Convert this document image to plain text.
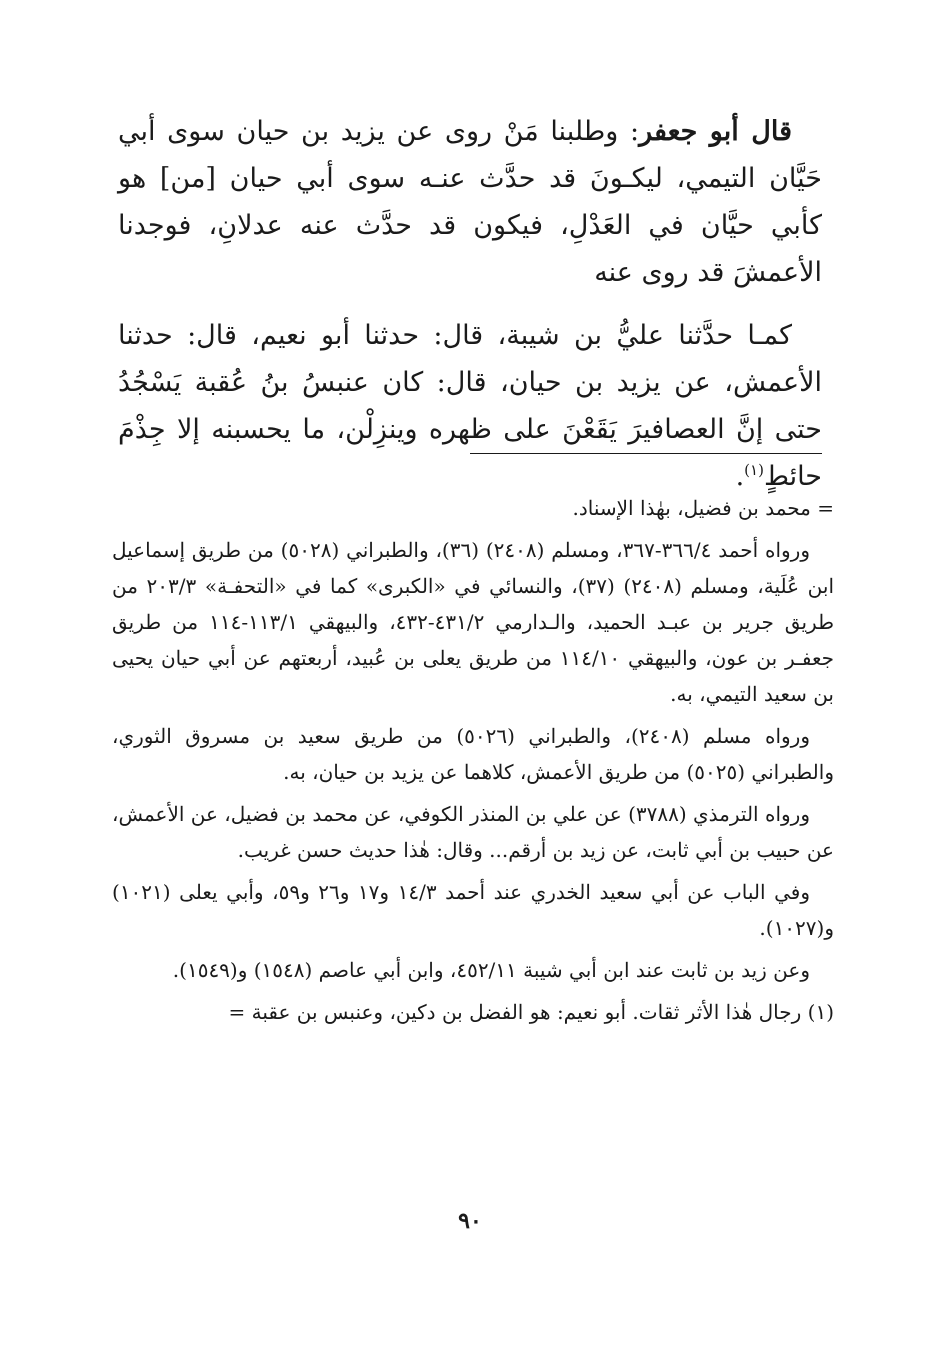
قال أبو جعفر: وطلبنا مَنْ روى عن يزيد بن حيان سوى أبي حَيَّان التيمي، ليكـونَ قد حدَّث عنـه سوى أبي حيان [من] هو كأبي حيَّان في العَدْلِ، فيكون قد حدَّث عنه عدلانِ، فوجدنا الأعمشَ قد روى عنه

كمـا حدَّثنا عليُّ بن شيبة، قال: حدثنا أبو نعيم، قال: حدثنا الأعمش، عن يزيد بن حيان، قال: كان عنبسُ بنُ عُقبة يَسْجُدُ حتى إنَّ العصافيرَ يَقَعْنَ على ظهره وينزِلْن، ما يحسبنه إلا جِذْمَ حائطٍ$^{(١)}$.

= محمد بن فضيل، بهٰذا الإسناد.

ورواه أحمد ٣٦٦/٤-٣٦٧، ومسلم (٢٤٠٨) (٣٦)، والطبراني (٥٠٢٨) من طريق إسماعيل ابن عُلَية، ومسلم (٢٤٠٨) (٣٧)، والنسائي في «الكبرى» كما في «التحفـة» ٢٠٣/٣ من طريق جرير بن عبـد الحميد، والـدارمي ٤٣١/٢-٤٣٢، والبيهقي ١١٣/١-١١٤ من طريق جعفـر بن عون، والبيهقي ١١٤/١٠ من طريق يعلى بن عُبيد، أربعتهم عن أبي حيان يحيى بن سعيد التيمي، به.

ورواه مسلم (٢٤٠٨)، والطبراني (٥٠٢٦) من طريق سعيد بن مسروق الثوري، والطبراني (٥٠٢٥) من طريق الأعمش، كلاهما عن يزيد بن حيان، به.

ورواه الترمذي (٣٧٨٨) عن علي بن المنذر الكوفي، عن محمد بن فضيل، عن الأعمش، عن حبيب بن أبي ثابت، عن زيد بن أرقم... وقال: هٰذا حديث حسن غريب.

وفي الباب عن أبي سعيد الخدري عند أحمد ١٤/٣ و١٧ و٢٦ و٥٩، وأبي يعلى (١٠٢١) و(١٠٢٧).

وعن زيد بن ثابت عند ابن أبي شيبة ٤٥٢/١١، وابن أبي عاصم (١٥٤٨) و(١٥٤٩).

(١) رجال هٰذا الأثر ثقات. أبو نعيم: هو الفضل بن دكين، وعنبس بن عقبة =

٩٠
